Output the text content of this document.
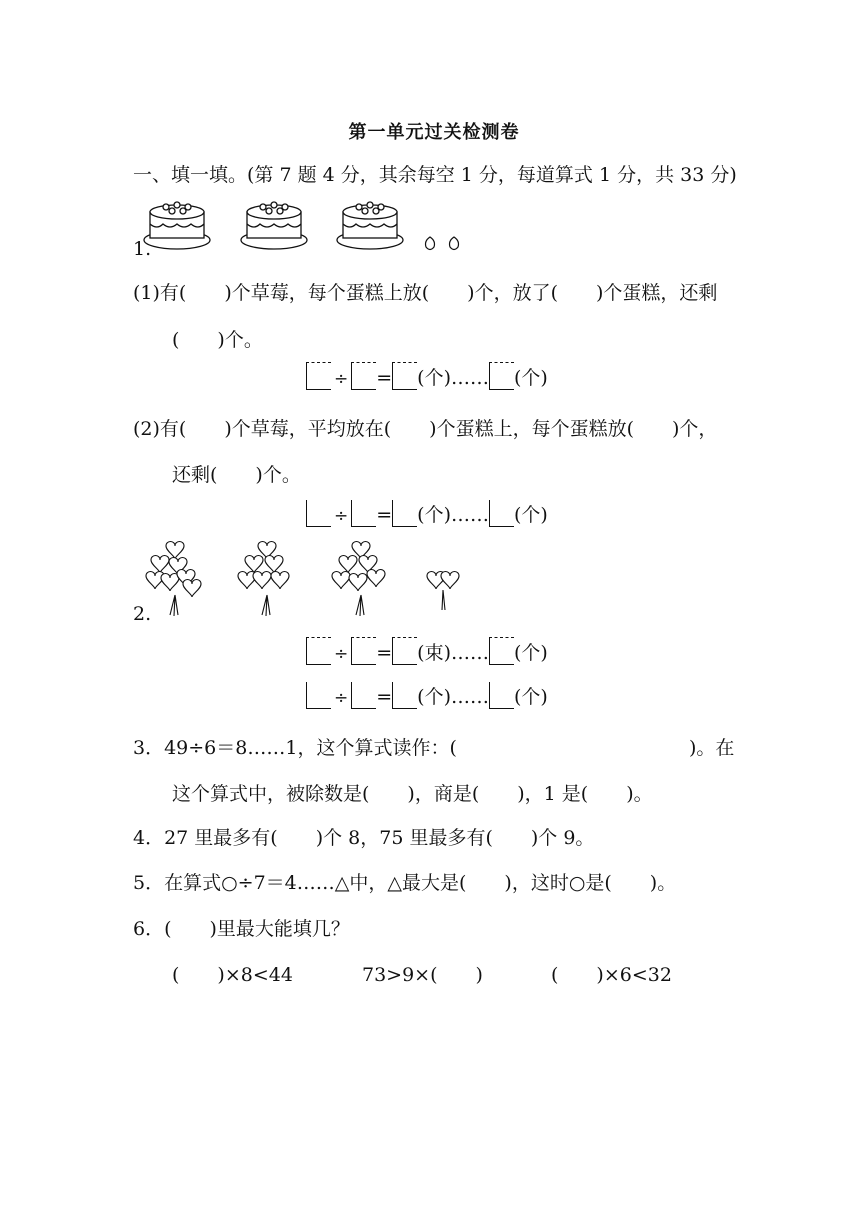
第一单元过关检测卷
一、填一填。(第 7 题 4 分，其余每空 1 分，每道算式 1 分，共 33 分)
1.
(1)有(　　)个草莓，每个蛋糕上放(　　)个，放了(　　)个蛋糕，还剩
(　　)个。
÷ = (个)…… (个)
(2)有(　　)个草莓，平均放在(　　)个蛋糕上，每个蛋糕放(　　)个，
还剩(　　)个。
÷ = (个)…… (个)
2.
÷ = (束)…… (个)
÷ = (个)…… (个)
3．49÷6＝8……1，这个算式读作：(	)。在
这个算式中，被除数是(　　)，商是(　　)，1 是(　　)。
4．27 里最多有(　　)个 8，75 里最多有(　　)个 9。
5．在算式○÷7＝4……△中，△最大是(　　)，这时○是(　　)。
6．(　　)里最大能填几？
(　　)×8<44	73>9×(　　)	(　　)×6<32
